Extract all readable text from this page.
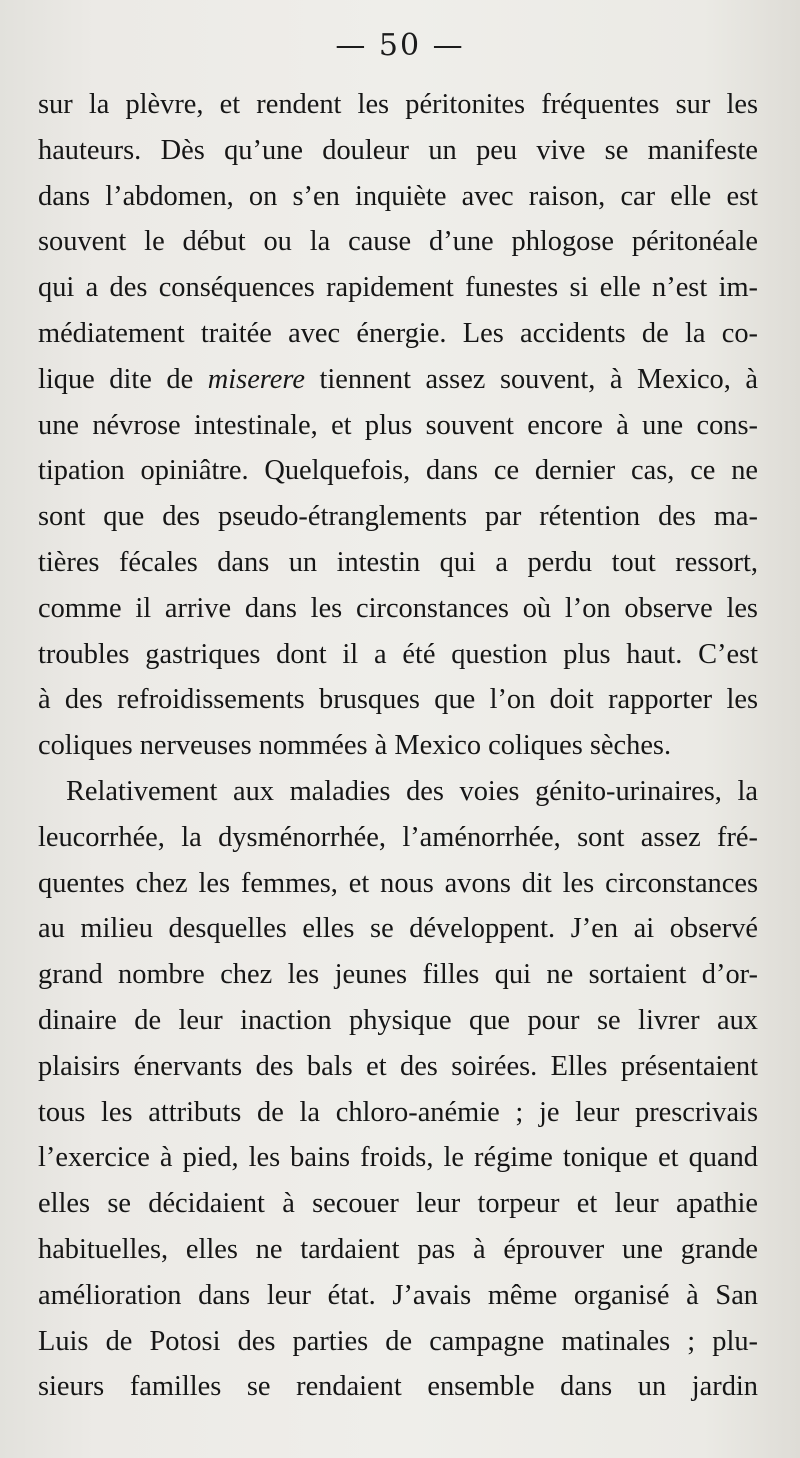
— 50 —
sur la plèvre, et rendent les péritonites fréquentes sur les
hauteurs. Dès qu’une douleur un peu vive se manifeste
dans l’abdomen, on s’en inquiète avec raison, car elle est
souvent le début ou la cause d’une phlogose péritonéale
qui a des conséquences rapidement funestes si elle n’est im-
médiatement traitée avec énergie. Les accidents de la co-
lique dite de miserere tiennent assez souvent, à Mexico, à
une névrose intestinale, et plus souvent encore à une cons-
tipation opiniâtre. Quelquefois, dans ce dernier cas, ce ne
sont que des pseudo-étranglements par rétention des ma-
tières fécales dans un intestin qui a perdu tout ressort,
comme il arrive dans les circonstances où l’on observe les
troubles gastriques dont il a été question plus haut. C’est
à des refroidissements brusques que l’on doit rapporter les
coliques nerveuses nommées à Mexico coliques sèches.
Relativement aux maladies des voies génito-urinaires, la
leucorrhée, la dysménorrhée, l’aménorrhée, sont assez fré-
quentes chez les femmes, et nous avons dit les circonstances
au milieu desquelles elles se développent. J’en ai observé
grand nombre chez les jeunes filles qui ne sortaient d’or-
dinaire de leur inaction physique que pour se livrer aux
plaisirs énervants des bals et des soirées. Elles présentaient
tous les attributs de la chloro-anémie ; je leur prescrivais
l’exercice à pied, les bains froids, le régime tonique et quand
elles se décidaient à secouer leur torpeur et leur apathie
habituelles, elles ne tardaient pas à éprouver une grande
amélioration dans leur état. J’avais même organisé à San
Luis de Potosi des parties de campagne matinales ; plu-
sieurs familles se rendaient ensemble dans un jardin
